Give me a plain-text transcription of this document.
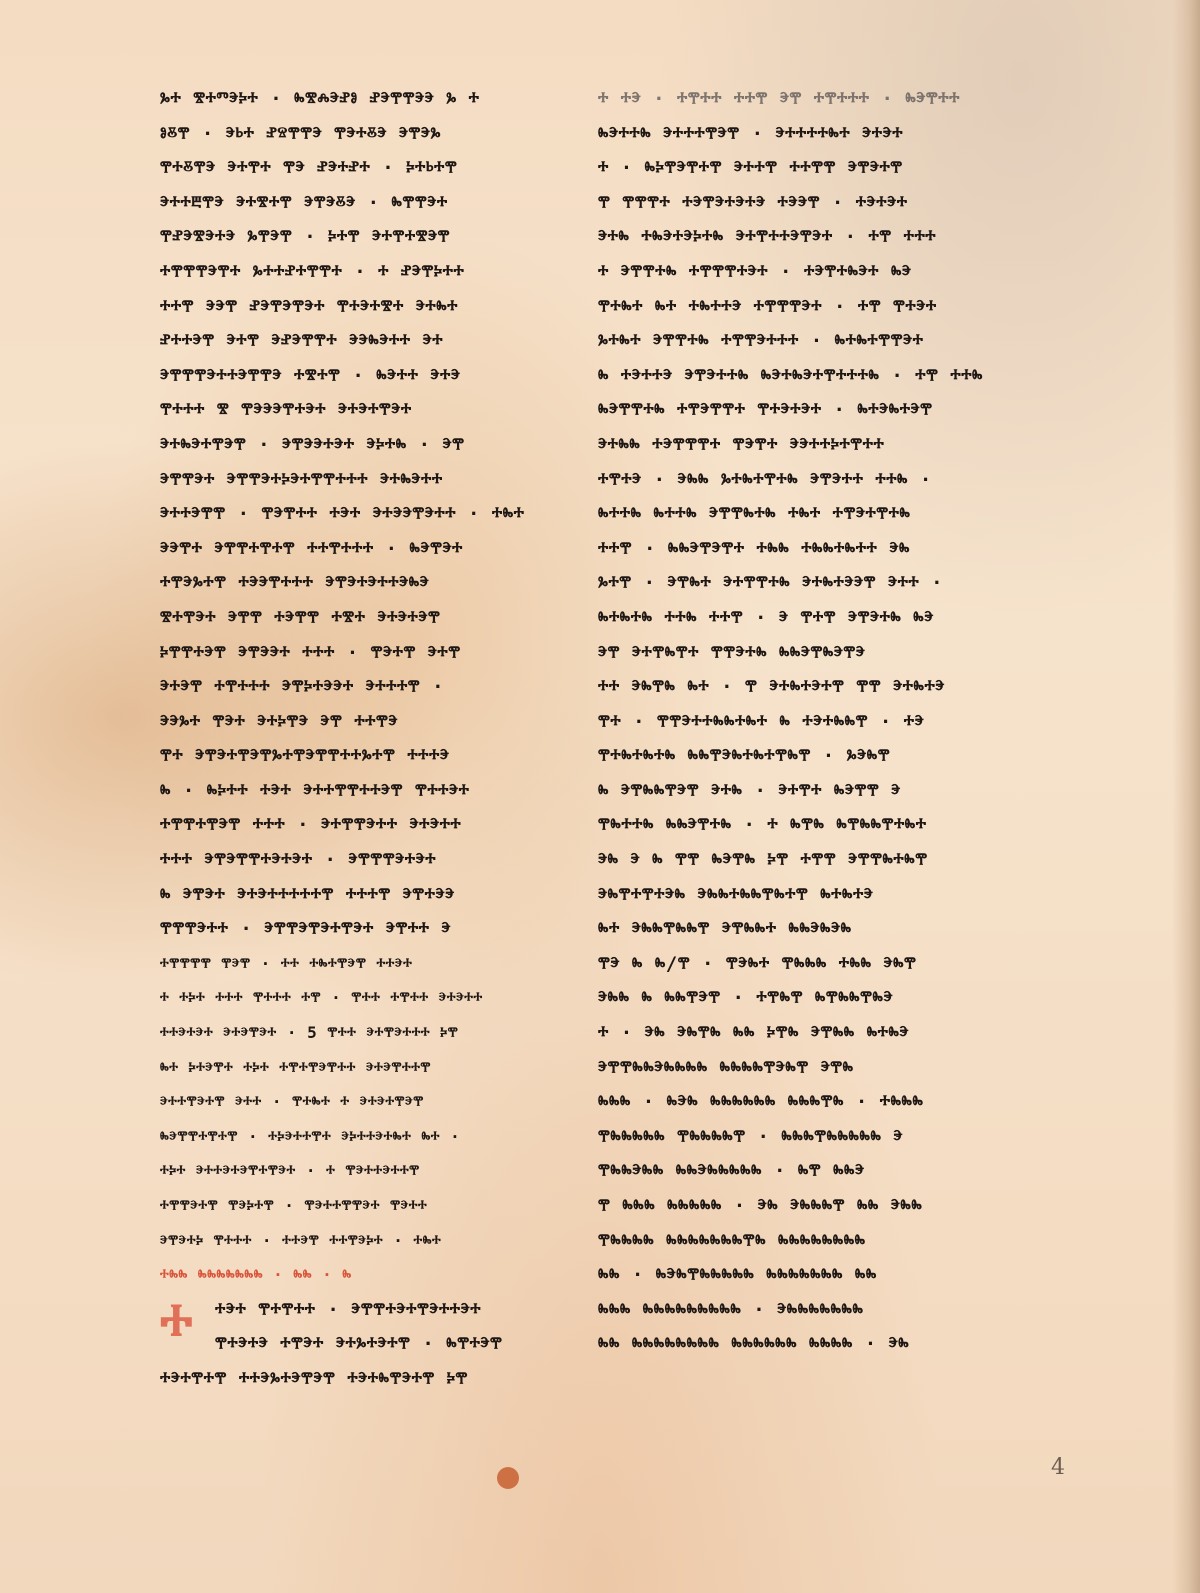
ⰳⰰ ⰺⰰⱅⰵⰽⰰ · ⰸⰺⰾⰵⱀⱁ ⱀⰵⰹⰹⰵⰵ ⰳ ⰰ
ⱁⰻⰹ · ⰵⱃⰰ ⱀⱄⰹⰹⰵ ⰹⰵⰰⰻⰵ ⰵⰹⰵⰳ
ⰹⰰⰻⰹⰵ ⰵⰰⰹⰰ ⰹⰵ ⱀⰵⰰⱀⰰ · ⰽⰰⱃⰰⰹ
ⰵⰰⰰⰱⰹⰵ ⰵⰰⰺⰰⰹ ⰵⰹⰵⰻⰵ · ⰸⰹⰹⰵⰰ
ⰹⱀⰵⰺⰵⰰⰵ ⰳⰹⰵⰹ · ⰽⰰⰹ ⰵⰰⰹⰰⰺⰵⰹ
ⰰⰹⰹⰹⰵⰹⰰ ⰳⰰⰰⱀⰰⰹⰹⰰ · ⰰ ⱀⰵⰹⰽⰰⰰ
ⰰⰰⰹ ⰵⰵⰹ ⱀⰵⰹⰵⰹⰵⰰ ⰹⰰⰵⰰⰺⰰ ⰵⰰⰸⰰ
ⱀⰰⰰⰵⰹ ⰵⰰⰹ ⰵⱀⰵⰹⰹⰰ ⰵⰵⰸⰵⰰⰰ ⰵⰰ
ⰵⰹⰹⰹⰵⰰⰰⰵⰹⰹⰵ ⰰⰺⰰⰹ · ⰸⰵⰰⰰ ⰵⰰⰵ
ⰹⰰⰰⰰ ⰺ ⰹⰵⰵⰵⰹⰰⰵⰰ ⰵⰰⰵⰰⰹⰵⰰ
ⰵⰰⰸⰵⰰⰹⰵⰹ · ⰵⰹⰵⰵⰰⰵⰰ ⰵⰽⰰⰸ · ⰵⰹ
ⰵⰹⰹⰵⰰ ⰵⰹⰹⰵⰰⰽⰵⰰⰹⰹⰰⰰⰰ ⰵⰰⰸⰵⰰⰰ
ⰵⰰⰰⰵⰹⰹ · ⰹⰵⰹⰰⰰ ⰰⰵⰰ ⰵⰰⰵⰵⰹⰵⰰⰰ · ⰰⰸⰰ
ⰵⰵⰹⰰ ⰵⰹⰹⰰⰹⰰⰹ ⰰⰰⰹⰰⰰⰰ · ⰸⰵⰹⰵⰰ
ⰰⰹⰵⰳⰰⰹ ⰰⰵⰵⰹⰰⰰⰰ ⰵⰹⰵⰰⰵⰰⰰⰵⰸⰵ
ⰺⰰⰹⰵⰰ ⰵⰹⰹ ⰰⰵⰹⰹ ⰰⰺⰰ ⰵⰰⰵⰰⰵⰹ
ⰽⰹⰹⰰⰵⰹ ⰵⰹⰵⰵⰰ ⰰⰰⰰ · ⰹⰵⰰⰹ ⰵⰰⰹ
ⰵⰰⰵⰹ ⰰⰹⰰⰰⰰ ⰵⰹⰽⰰⰵⰵⰰ ⰵⰰⰰⰰⰹ ·
ⰵⰵⰳⰰ ⰹⰵⰰ ⰵⰰⰽⰹⰵ ⰵⰹ ⰰⰰⰹⰵ
ⰹⰰ ⰵⰹⰵⰰⰹⰵⰹⰳⰰⰹⰵⰹⰹⰰⰰⰳⰰⰹ ⰰⰰⰰⰵ
ⰸ · ⰸⰽⰰⰰ ⰰⰵⰰ ⰵⰰⰰⰹⰹⰰⰰⰵⰹ ⰹⰰⰰⰵⰰ
ⰰⰹⰹⰰⰹⰵⰹ ⰰⰰⰰ · ⰵⰰⰹⰹⰵⰰⰰ ⰵⰰⰵⰰⰰ
ⰰⰰⰰ ⰵⰹⰵⰹⰹⰰⰵⰰⰵⰰ · ⰵⰹⰹⰹⰵⰰⰵⰰ
ⰸ ⰵⰹⰵⰰ ⰵⰰⰵⰰⰰⰰⰰⰰⰹ ⰰⰰⰰⰹ ⰵⰹⰰⰵⰵ
ⰹⰹⰹⰵⰰⰰ · ⰵⰹⰹⰵⰹⰵⰰⰹⰵⰰ ⰵⰹⰰⰰ ⰵ
ⰰⰹⰹⰹⰹ ⰹⰵⰹ · ⰰⰰ ⰰⰸⰰⰹⰵⰹ ⰰⰰⰵⰰ
ⰰ ⰰⰽⰰ ⰰⰰⰰ ⰹⰰⰰⰰ ⰰⰹ · ⰹⰰⰰ ⰰⰹⰰⰰ ⰵⰰⰵⰰⰰ
ⰰⰰⰵⰰⰵⰰ ⰵⰰⰵⰹⰵⰰ · 5 ⰹⰰⰰ ⰵⰰⰹⰵⰰⰰⰰ ⰽⰹ
ⰸⰰ ⰽⰰⰵⰹⰰ ⰰⰽⰰ ⰰⰹⰰⰹⰵⰹⰰⰰ ⰵⰰⰵⰹⰰⰰⰹ
ⰵⰰⰰⰹⰵⰰⰹ ⰵⰰⰰ · ⰹⰰⰸⰰ ⰰ ⰵⰰⰵⰰⰹⰵⰹ
ⰸⰵⰹⰹⰰⰹⰰⰹ · ⰰⰽⰵⰰⰰⰹⰰ ⰵⰽⰰⰰⰵⰰⰸⰰ ⰸⰰ ·
ⰰⰽⰰ ⰵⰰⰰⰵⰰⰵⰹⰰⰹⰵⰰ · ⰰ ⰹⰵⰰⰰⰵⰰⰰⰹ
ⰰⰹⰹⰵⰰⰹ ⰹⰵⰽⰰⰹ · ⰹⰵⰰⰰⰹⰹⰵⰰ ⰹⰵⰰⰰ
ⰵⰹⰵⰰⰽ ⰹⰰⰰⰰ · ⰰⰰⰵⰹ ⰰⰰⰹⰵⰽⰰ · ⰰⰸⰰ
ⰰⰸⰸ ⰸⰸⰸⰸⰸⰸⰸ · ⰸⰸ · ⰸ
ⰰ	ⰰⰵⰰ ⰹⰰⰹⰰⰰ · ⰵⰹⰹⰰⰵⰰⰹⰵⰰⰰⰵⰰ
ⰹⰰⰵⰰⰵ ⰰⰹⰵⰰ ⰵⰰⰳⰰⰵⰰⰹ · ⰸⰹⰰⰵⰹ
ⰰⰵⰰⰹⰰⰹ ⰰⰰⰵⰳⰰⰵⰹⰵⰹ ⰰⰵⰰⰸⰹⰵⰰⰹ ⰽⰹ
ⰰ ⰰⰵ · ⰰⰹⰰⰰ ⰰⰰⰹ ⰵⰹ ⰰⰹⰰⰰⰰ · ⰸⰵⰹⰰⰰ
ⰸⰵⰰⰰⰸ ⰵⰰⰰⰰⰹⰵⰹ · ⰵⰰⰰⰰⰰⰸⰰ ⰵⰰⰵⰰ
ⰰ · ⰸⰽⰹⰵⰹⰰⰹ ⰵⰰⰰⰹ ⰰⰰⰹⰹ ⰵⰹⰵⰰⰹ
ⰹ ⰹⰹⰹⰰ ⰰⰵⰹⰵⰰⰵⰰⰵ ⰰⰵⰵⰹ · ⰰⰵⰰⰵⰰ
ⰵⰰⰸ ⰰⰸⰵⰰⰵⰽⰰⰸ ⰵⰰⰹⰰⰰⰵⰹⰵⰰ · ⰰⰹ ⰰⰰⰰ
ⰰ ⰵⰹⰹⰰⰸ ⰰⰹⰹⰹⰰⰵⰰ · ⰰⰵⰹⰰⰸⰵⰰ ⰸⰵ
ⰹⰰⰸⰰ ⰸⰰ ⰰⰸⰰⰰⰵ ⰰⰹⰹⰹⰵⰰ · ⰰⰹ ⰹⰰⰵⰰ
ⰳⰰⰸⰰ ⰵⰹⰹⰰⰸ ⰰⰹⰹⰵⰰⰰⰰ · ⰸⰰⰸⰰⰹⰹⰵⰰ
ⰸ ⰰⰵⰰⰰⰵ ⰵⰹⰵⰰⰰⰸ ⰸⰵⰰⰸⰵⰰⰹⰰⰰⰰⰸ · ⰰⰹ ⰰⰰⰸ
ⰸⰵⰹⰹⰰⰸ ⰰⰹⰵⰹⰹⰰ ⰹⰰⰵⰰⰵⰰ · ⰸⰰⰵⰸⰰⰵⰹ
ⰵⰰⰸⰸ ⰰⰵⰹⰹⰹⰰ ⰹⰵⰹⰰ ⰵⰵⰰⰰⰽⰰⰹⰰⰰ
ⰰⰹⰰⰵ · ⰵⰸⰸ ⰳⰰⰸⰰⰹⰰⰸ ⰵⰹⰵⰰⰰ ⰰⰰⰸ ·
ⰸⰰⰰⰸ ⰸⰰⰰⰸ ⰵⰹⰹⰸⰰⰸ ⰰⰸⰰ ⰰⰹⰵⰰⰹⰰⰸ
ⰰⰰⰹ · ⰸⰸⰵⰹⰵⰹⰰ ⰰⰸⰸ ⰰⰸⰸⰰⰸⰰⰰ ⰵⰸ
ⰳⰰⰹ · ⰵⰹⰸⰰ ⰵⰰⰹⰹⰰⰸ ⰵⰰⰸⰰⰵⰵⰹ ⰵⰰⰰ ·
ⰸⰰⰸⰰⰸ ⰰⰰⰸ ⰰⰰⰹ · ⰵ ⰹⰰⰹ ⰵⰹⰵⰰⰸ ⰸⰵ
ⰵⰹ ⰵⰰⰹⰸⰹⰰ ⰹⰹⰵⰰⰸ ⰸⰸⰵⰹⰸⰵⰹⰵ
ⰰⰰ ⰵⰸⰹⰸ ⰸⰰ · ⰹ ⰵⰰⰸⰰⰵⰰⰹ ⰹⰹ ⰵⰰⰸⰰⰵ
ⰹⰰ · ⰹⰹⰵⰰⰰⰸⰸⰰⰸⰰ ⰸ ⰰⰵⰰⰸⰸⰹ · ⰰⰵ
ⰹⰰⰸⰰⰸⰰⰸ ⰸⰸⰹⰵⰸⰰⰸⰰⰹⰸⰹ · ⰳⰵⰸⰹ
ⰸ ⰵⰹⰸⰸⰹⰵⰹ ⰵⰰⰸ · ⰵⰰⰹⰰ ⰸⰵⰹⰹ ⰵ
ⰹⰸⰰⰰⰸ ⰸⰸⰵⰹⰰⰸ · ⰰ ⰸⰹⰸ ⰸⰹⰸⰸⰹⰰⰸⰰ
ⰵⰸ ⰵ ⰸ ⰹⰹ ⰸⰵⰹⰸ ⰽⰹ ⰰⰹⰹ ⰵⰹⰹⰸⰰⰸⰹ
ⰵⰸⰹⰰⰹⰰⰵⰸ ⰵⰸⰸⰰⰸⰸⰹⰸⰰⰹ ⰸⰰⰸⰰⰵ
ⰸⰰ ⰵⰸⰸⰹⰸⰸⰹ ⰵⰹⰸⰸⰰ ⰸⰸⰵⰸⰵⰸ
ⰹⰵ ⰸ ⰸ/ⰹ · ⰹⰵⰸⰰ ⰹⰸⰸⰸ ⰰⰸⰸ ⰵⰸⰹ
ⰵⰸⰸ ⰸ ⰸⰸⰹⰵⰹ · ⰰⰹⰸⰹ ⰸⰹⰸⰸⰹⰸⰵ
ⰰ · ⰵⰸ ⰵⰸⰹⰸ ⰸⰸ ⰽⰹⰸ ⰵⰹⰸⰸ ⰸⰰⰸⰵ
ⰵⰹⰹⰸⰸⰵⰸⰸⰸⰸ ⰸⰸⰸⰸⰹⰵⰸⰹ ⰵⰹⰸ
ⰸⰸⰸ · ⰸⰵⰸ ⰸⰸⰸⰸⰸⰸ ⰸⰸⰸⰹⰸ · ⰰⰸⰸⰸ
ⰹⰸⰸⰸⰸⰸ ⰹⰸⰸⰸⰸⰹ · ⰸⰸⰸⰹⰸⰸⰸⰸⰸ ⰵ
ⰹⰸⰸⰵⰸⰸ ⰸⰸⰵⰸⰸⰸⰸⰸ · ⰸⰹ ⰸⰸⰵ
ⰹ ⰸⰸⰸ ⰸⰸⰸⰸⰸ · ⰵⰸ ⰵⰸⰸⰸⰹ ⰸⰸ ⰵⰸⰸ
ⰹⰸⰸⰸⰸ ⰸⰸⰸⰸⰸⰸⰸⰹⰸ ⰸⰸⰸⰸⰸⰸⰸⰸ
ⰸⰸ · ⰸⰵⰸⰹⰸⰸⰸⰸⰸ ⰸⰸⰸⰸⰸⰸⰸ ⰸⰸ
ⰸⰸⰸ ⰸⰸⰸⰸⰸⰸⰸⰸⰸ · ⰵⰸⰸⰸⰸⰸⰸⰸ
ⰸⰸ ⰸⰸⰸⰸⰸⰸⰸⰸ ⰸⰸⰸⰸⰸⰸ ⰸⰸⰸⰸ · ⰵⰸ
4
